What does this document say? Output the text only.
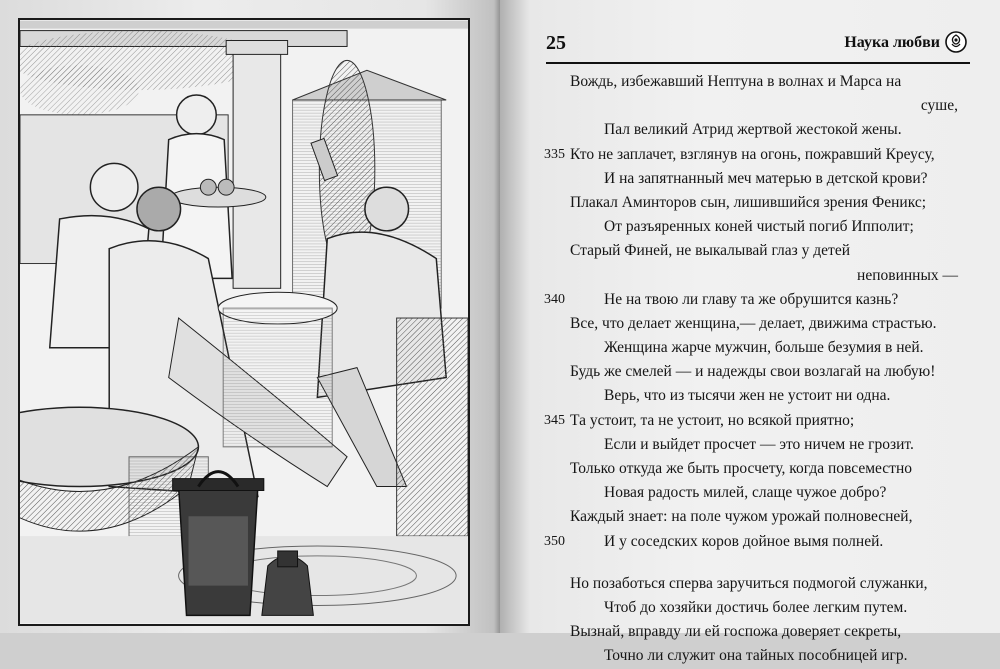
25	Наука любви
Вождь, избежавший Нептуна в волнах и Марса на
суше,
Пал великий Атрид жертвой жестокой жены.
335 Кто не заплачет, взглянув на огонь, пожравший Креусу,
И на запятнанный меч матерью в детской крови?
Плакал Аминторов сын, лишившийся зрения Феникс;
От разъяренных коней чистый погиб Ипполит;
Старый Финей, не выкалывай глаз у детей
неповинных —
340	Не на твою ли главу та же обрушится казнь?
Все, что делает женщина,— делает, движима страстью.
Женщина жарче мужчин, больше безумия в ней.
Будь же смелей — и надежды свои возлагай на любую!
Верь, что из тысячи жен не устоит ни одна.
345 Та устоит, та не устоит, но всякой приятно;
Если и выйдет просчет — это ничем не грозит.
Только откуда же быть просчету, когда повсеместно
Новая радость милей, слаще чужое добро?
Каждый знает: на поле чужом урожай полновесней,
350	И у соседских коров дойное вымя полней.
Но позаботься сперва заручиться подмогой служанки,
Чтоб до хозяйки достичь более легким путем.
Вызнай, вправду ли ей госпожа доверяет секреты,
Точно ли служит она тайных пособницей игр.
